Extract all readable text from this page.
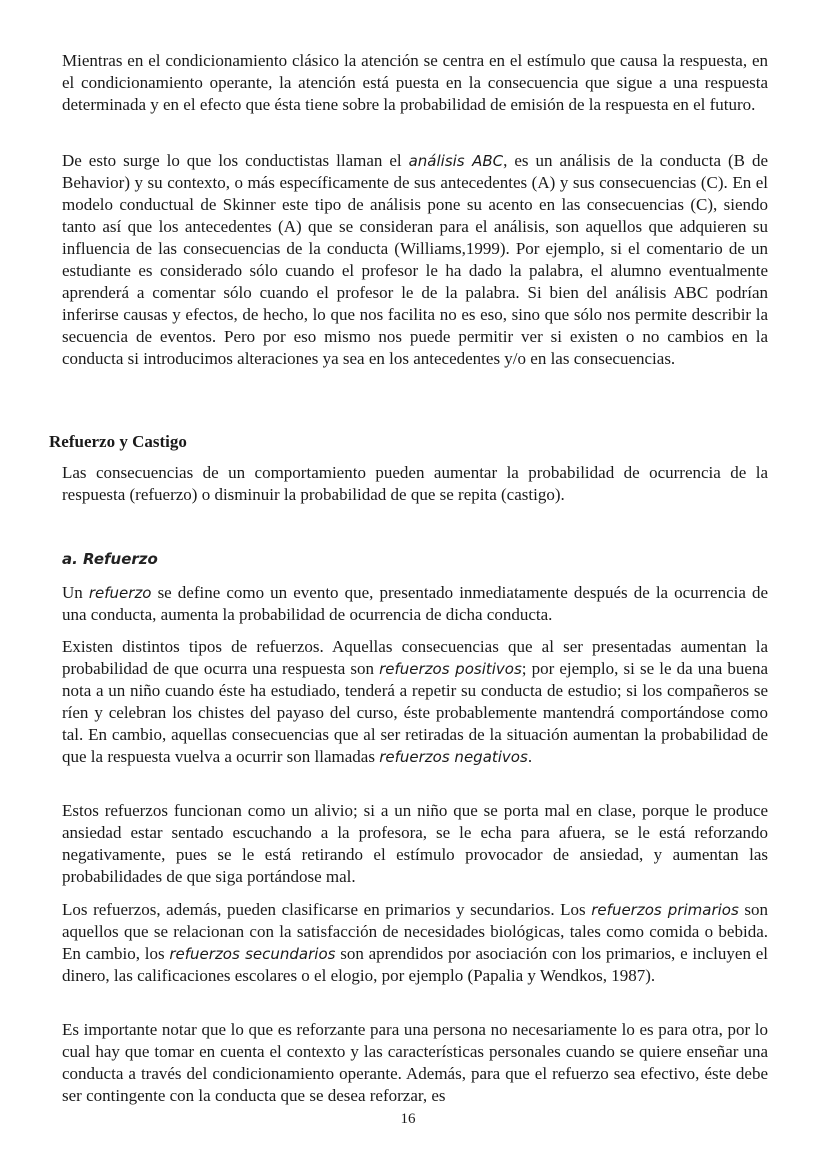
Mientras en el condicionamiento clásico la atención se centra en el estímulo que causa la respuesta, en el condicionamiento operante, la atención está puesta en la consecuencia que sigue a una respuesta determinada y en el efecto que ésta tiene sobre la probabilidad de emisión de la respuesta en el futuro.

De esto surge lo que los conductistas llaman el análisis ABC, es un análisis de la conducta (B de Behavior) y su contexto, o más específicamente de sus antecedentes (A) y sus consecuencias (C). En el modelo conductual de Skinner este tipo de análisis pone su acento en las consecuencias (C), siendo tanto así que los antecedentes (A) que se consideran para el análisis, son aquellos que adquieren su influencia de las consecuencias de la conducta (Williams,1999). Por ejemplo, si el comentario de un estudiante es considerado sólo cuando el profesor le ha dado la palabra, el alumno eventualmente aprenderá a comentar sólo cuando el profesor le de la palabra. Si bien del análisis ABC podrían inferirse causas y efectos, de hecho, lo que nos facilita no es eso, sino que sólo nos permite describir la secuencia de eventos. Pero por eso mismo nos puede permitir ver si existen o no cambios en la conducta si introducimos alteraciones ya sea en los antecedentes y/o en las consecuencias.

Refuerzo y Castigo

Las consecuencias de un comportamiento pueden aumentar la probabilidad de ocurrencia de la respuesta (refuerzo) o disminuir la probabilidad de que se repita (castigo).

a. Refuerzo

Un refuerzo se define como un evento que, presentado inmediatamente después de la ocurrencia de una conducta, aumenta la probabilidad de ocurrencia de dicha conducta.

Existen distintos tipos de refuerzos. Aquellas consecuencias que al ser presentadas aumentan la probabilidad de que ocurra una respuesta son refuerzos positivos; por ejemplo, si se le da una buena nota a un niño cuando éste ha estudiado, tenderá a repetir su conducta de estudio; si los compañeros se ríen y celebran los chistes del payaso del curso, éste probablemente mantendrá comportándose como tal. En cambio, aquellas consecuencias que al ser retiradas de la situación aumentan la probabilidad de que la respuesta vuelva a ocurrir son llamadas refuerzos negativos.

Estos refuerzos funcionan como un alivio; si a un niño que se porta mal en clase, porque le produce ansiedad estar sentado escuchando a la profesora, se le echa para afuera, se le está reforzando negativamente, pues se le está retirando el estímulo provocador de ansiedad, y aumentan las probabilidades de que siga portándose mal.

Los refuerzos, además, pueden clasificarse en primarios y secundarios. Los refuerzos primarios son aquellos que se relacionan con la satisfacción de necesidades biológicas, tales como comida o bebida. En cambio, los refuerzos secundarios son aprendidos por asociación con los primarios, e incluyen el dinero, las calificaciones escolares o el elogio, por ejemplo (Papalia y Wendkos, 1987).

Es importante notar que lo que es reforzante para una persona no necesariamente lo es para otra, por lo cual hay que tomar en cuenta el contexto y las características personales cuando se quiere enseñar una conducta a través del condicionamiento operante. Además, para que el refuerzo sea efectivo, éste debe ser contingente con la conducta que se desea reforzar, es

16
